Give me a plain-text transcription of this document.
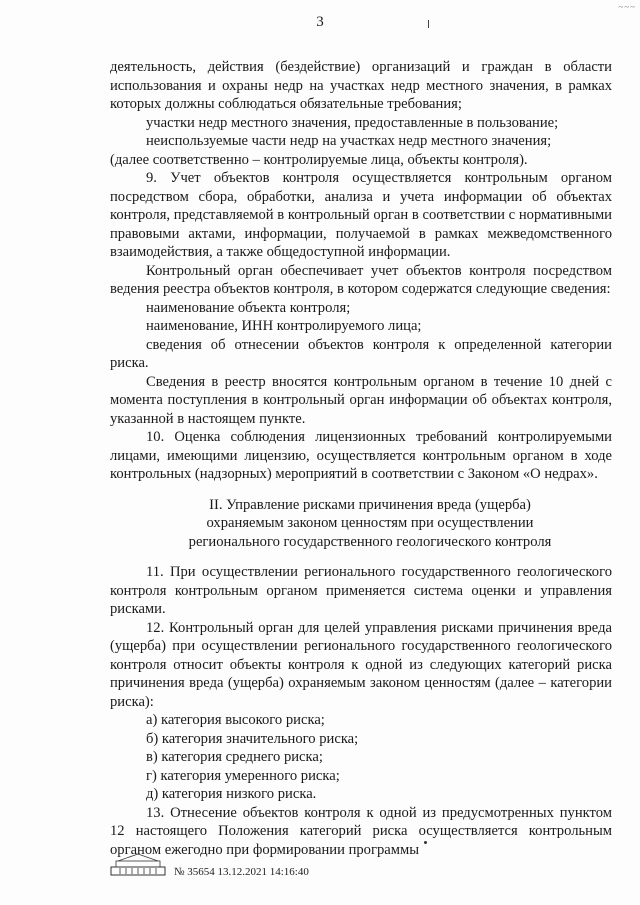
3
~~~

деятельность, действия (бездействие) организаций и граждан в области использования и охраны недр на участках недр местного значения, в рамках которых должны соблюдаться обязательные требования;

участки недр местного значения, предоставленные в пользование;

неиспользуемые части недр на участках недр местного значения;

(далее соответственно – контролируемые лица, объекты контроля).

9. Учет объектов контроля осуществляется контрольным органом посредством сбора, обработки, анализа и учета информации об объектах контроля, представляемой в контрольный орган в соответствии с нормативными правовыми актами, информации, получаемой в рамках межведомственного взаимодействия, а также общедоступной информации.

Контрольный орган обеспечивает учет объектов контроля посредством ведения реестра объектов контроля, в котором содержатся следующие сведения:

наименование объекта контроля;

наименование, ИНН контролируемого лица;

сведения об отнесении объектов контроля к определенной категории риска.

Сведения в реестр вносятся контрольным органом в течение 10 дней с момента поступления в контрольный орган информации об объектах контроля, указанной в настоящем пункте.

10. Оценка соблюдения лицензионных требований контролируемыми лицами, имеющими лицензию, осуществляется контрольным органом в ходе контрольных (надзорных) мероприятий в соответствии с Законом «О недрах».

II. Управление рисками причинения вреда (ущерба)
охраняемым законом ценностям при осуществлении
регионального государственного геологического контроля

11. При осуществлении регионального государственного геологического контроля контрольным органом применяется система оценки и управления рисками.

12. Контрольный орган для целей управления рисками причинения вреда (ущерба) при осуществлении регионального государственного геологического контроля относит объекты контроля к одной из следующих категорий риска причинения вреда (ущерба) охраняемым законом ценностям (далее – категории риска):

а) категория высокого риска;

б) категория значительного риска;

в) категория среднего риска;

г) категория умеренного риска;

д) категория низкого риска.

13. Отнесение объектов контроля к одной из предусмотренных пунктом 12 настоящего Положения категорий риска осуществляется контрольным органом ежегодно при формировании программы

№ 35654 13.12.2021 14:16:40
